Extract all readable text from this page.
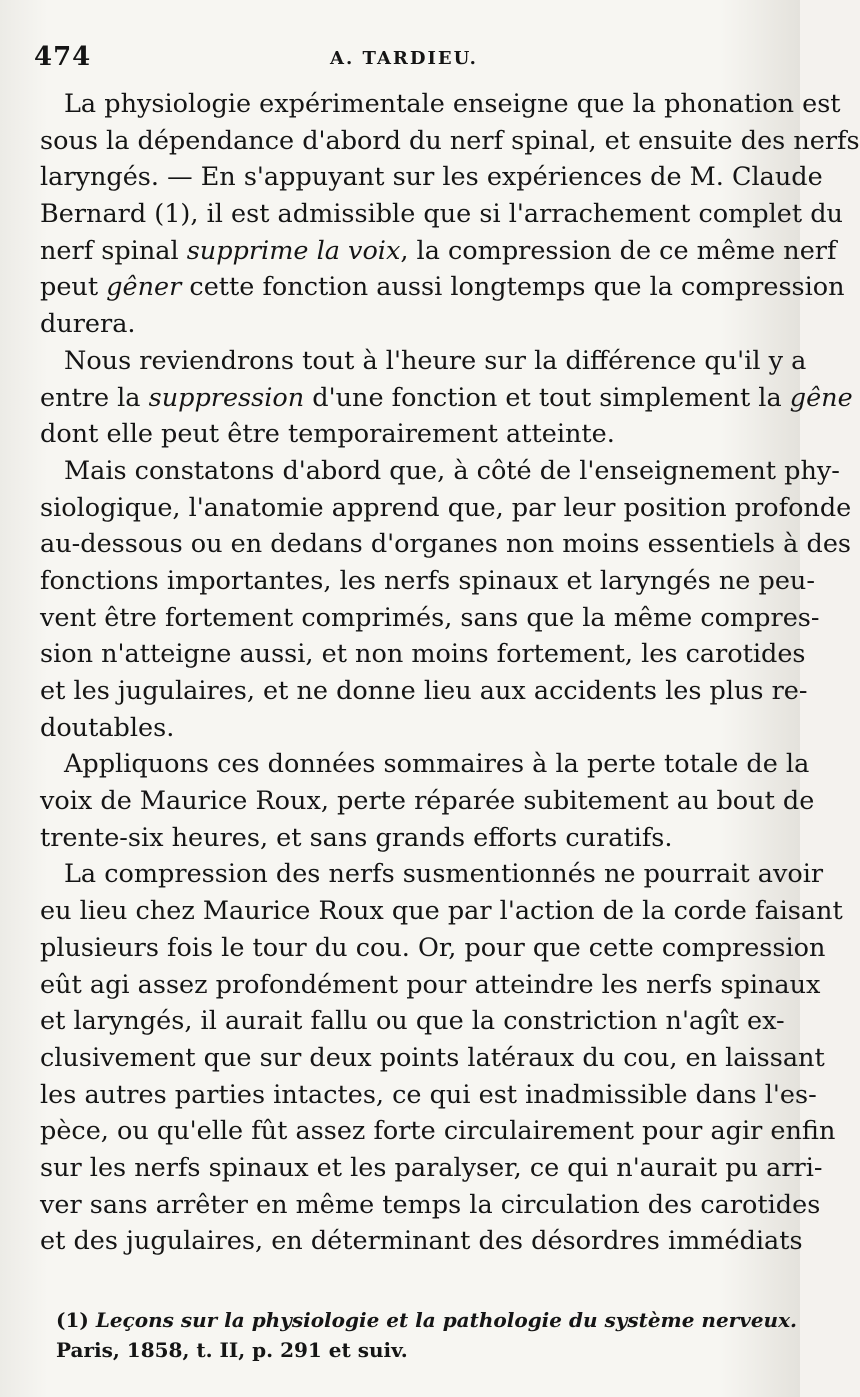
474	A. TARDIEU.
La physiologie expérimentale enseigne que la phonation est
sous la dépendance d'abord du nerf spinal, et ensuite des nerfs
laryngés. — En s'appuyant sur les expériences de M. Claude
Bernard (1), il est admissible que si l'arrachement complet du
nerf spinal supprime la voix, la compression de ce même nerf
peut gêner cette fonction aussi longtemps que la compression
durera.
Nous reviendrons tout à l'heure sur la différence qu'il y a
entre la suppression d'une fonction et tout simplement la gêne
dont elle peut être temporairement atteinte.
Mais constatons d'abord que, à côté de l'enseignement phy-
siologique, l'anatomie apprend que, par leur position profonde
au-dessous ou en dedans d'organes non moins essentiels à des
fonctions importantes, les nerfs spinaux et laryngés ne peu-
vent être fortement comprimés, sans que la même compres-
sion n'atteigne aussi, et non moins fortement, les carotides
et les jugulaires, et ne donne lieu aux accidents les plus re-
doutables.
Appliquons ces données sommaires à la perte totale de la
voix de Maurice Roux, perte réparée subitement au bout de
trente-six heures, et sans grands efforts curatifs.
La compression des nerfs susmentionnés ne pourrait avoir
eu lieu chez Maurice Roux que par l'action de la corde faisant
plusieurs fois le tour du cou. Or, pour que cette compression
eût agi assez profondément pour atteindre les nerfs spinaux
et laryngés, il aurait fallu ou que la constriction n'agît ex-
clusivement que sur deux points latéraux du cou, en laissant
les autres parties intactes, ce qui est inadmissible dans l'es-
pèce, ou qu'elle fût assez forte circulairement pour agir enfin
sur les nerfs spinaux et les paralyser, ce qui n'aurait pu arri-
ver sans arrêter en même temps la circulation des carotides
et des jugulaires, en déterminant des désordres immédiats
(1) Leçons sur la physiologie et la pathologie du système nerveux.
Paris, 1858, t. II, p. 291 et suiv.
